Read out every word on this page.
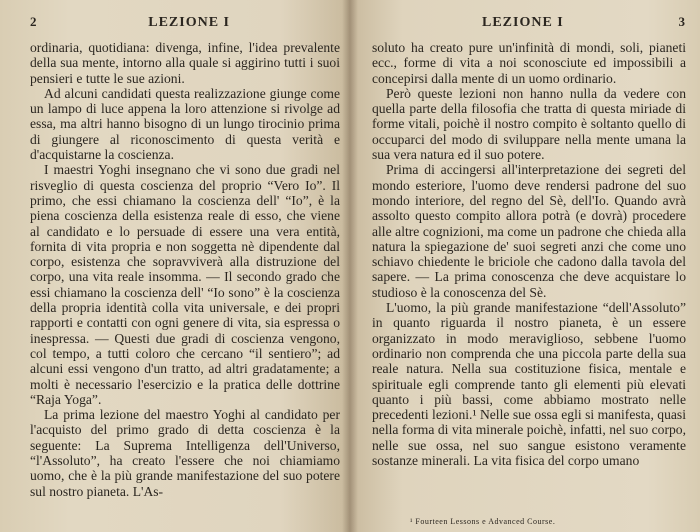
2	LEZIONE I

ordinaria, quotidiana: divenga, infine, l'idea prevalente della sua mente, intorno alla quale si aggirino tutti i suoi pensieri e tutte le sue azioni.

Ad alcuni candidati questa realizzazione giunge come un lampo di luce appena la loro attenzione si rivolge ad essa, ma altri hanno bisogno di un lungo tirocinio prima di giungere al riconoscimento di questa verità e d'acquistarne la coscienza.

I maestri Yoghi insegnano che vi sono due gradi nel risveglio di questa coscienza del proprio “Vero Io”. Il primo, che essi chiamano la coscienza dell' “Io”, è la piena coscienza della esistenza reale di esso, che viene al candidato e lo persuade di essere una vera entità, fornita di vita propria e non soggetta nè dipendente dal corpo, esistenza che sopravviverà alla distruzione del corpo, una vita reale insomma. — Il secondo grado che essi chiamano la coscienza dell' “Io sono” è la coscienza della propria identità colla vita universale, e dei propri rapporti e contatti con ogni genere di vita, sia espressa o inespressa. — Questi due gradi di coscienza vengono, col tempo, a tutti coloro che cercano “il sentiero”; ad alcuni essi vengono d'un tratto, ad altri gradatamente; a molti è necessario l'esercizio e la pratica delle dottrine “Raja Yoga”.

La prima lezione del maestro Yoghi al candidato per l'acquisto del primo grado di detta coscienza è la seguente: La Suprema Intelligenza dell'Universo, “l'Assoluto”, ha creato l'essere che noi chiamiamo uomo, che è la più grande manifestazione del suo potere sul nostro pianeta. L'As-

LEZIONE I	3

soluto ha creato pure un'infinità di mondi, soli, pianeti ecc., forme di vita a noi sconosciute ed impossibili a concepirsi dalla mente di un uomo ordinario.

Però queste lezioni non hanno nulla da vedere con quella parte della filosofia che tratta di questa miriade di forme vitali, poichè il nostro compito è soltanto quello di occuparci del modo di sviluppare nella mente umana la sua vera natura ed il suo potere.

Prima di accingersi all'interpretazione dei segreti del mondo esteriore, l'uomo deve rendersi padrone del suo mondo interiore, del regno del Sè, dell'Io. Quando avrà assolto questo compito allora potrà (e dovrà) procedere alle altre cognizioni, ma come un padrone che chieda alla natura la spiegazione de' suoi segreti anzi che come uno schiavo chiedente le briciole che cadono dalla tavola del sapere. — La prima conoscenza che deve acquistare lo studioso è la conoscenza del Sè.

L'uomo, la più grande manifestazione “dell'Assoluto” in quanto riguarda il nostro pianeta, è un essere organizzato in modo meraviglioso, sebbene l'uomo ordinario non comprenda che una piccola parte della sua reale natura. Nella sua costituzione fisica, mentale e spirituale egli comprende tanto gli elementi più elevati quanto i più bassi, come abbiamo mostrato nelle precedenti lezioni.¹ Nelle sue ossa egli si manifesta, quasi nella forma di vita minerale poichè, infatti, nel suo corpo, nelle sue ossa, nel suo sangue esistono veramente sostanze minerali. La vita fisica del corpo umano

¹ Fourteen Lessons e Advanced Course.
